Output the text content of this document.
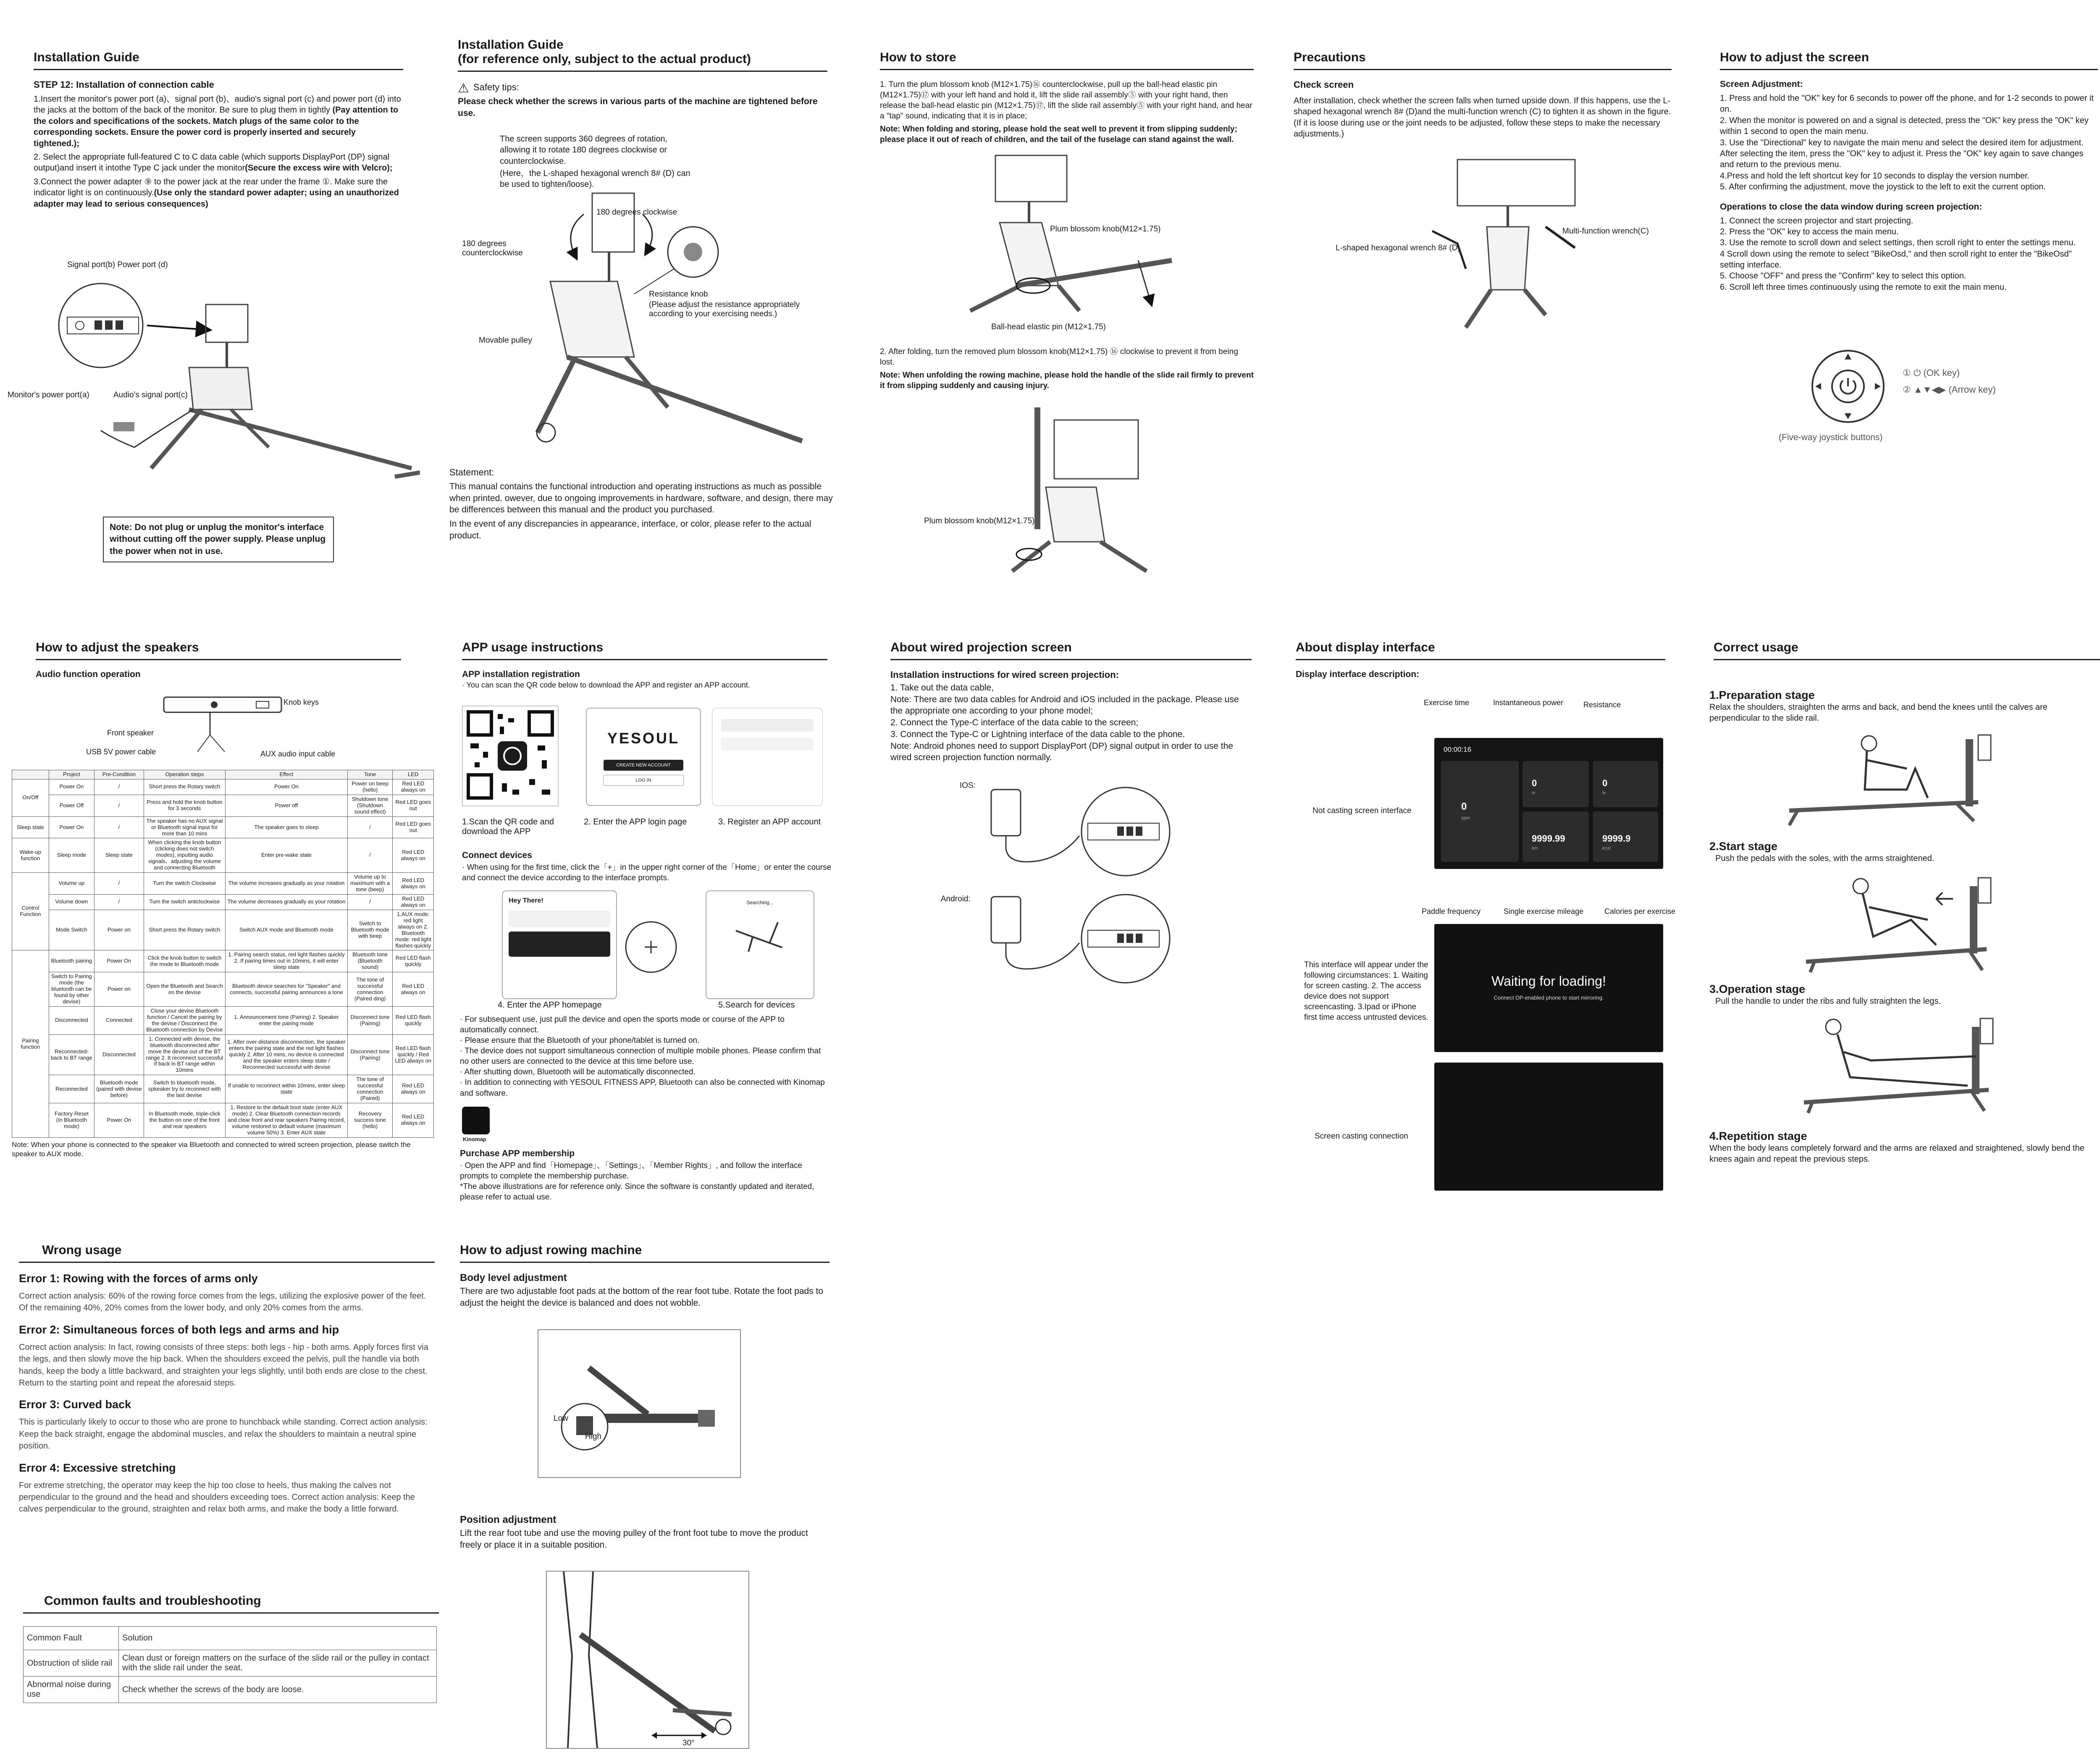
Installation Guide
STEP 12: Installation of connection cable

1.Insert the monitor's power port (a)、signal port (b)、audio's signal port (c) and power port (d) into the jacks at the bottom of the back of the monitor. Be sure to plug them in tightly (Pay attention to the colors and specifications of the sockets. Match plugs of the same color to the corresponding sockets. Ensure the power cord is properly inserted and securely tightened.);

2. Select the appropriate full-featured C to C data cable (which supports DisplayPort (DP) signal output)and insert it intothe Type C jack under the monitor(Secure the excess wire with Velcro);

3.Connect the power adapter ⑨ to the power jack at the rear under the frame ①. Make sure the indicator light is on continuously.(Use only the standard power adapter; using an unauthorized adapter may lead to serious consequences)

Signal port(b) Power port (d)
Monitor's power port(a)	Audio's signal port(c)
Note: Do not plug or unplug the monitor's interface without cutting off the power supply. Please unplug the power when not in use.
Installation Guide
(for reference only, subject to the actual product)
⚠ Safety tips:

Please check whether the screws in various parts of the machine are tightened before use.

The screen supports 360 degrees of rotation, allowing it to rotate 180 degrees clockwise or counterclockwise.

(Here，the L-shaped hexagonal wrench 8# (D) can be used to tighten/loose).

180 degrees clockwise
180 degrees counterclockwise
Resistance knob
(Please adjust the resistance appropriately according to your exercising needs.)
Movable pulley

Statement:

This manual contains the functional introduction and operating instructions as much as possible when printed. owever, due to ongoing improvements in hardware, software, and design, there may be differences between this manual and the product you purchased.

In the event of any discrepancies in appearance, interface, or color, please refer to the actual product.

How to store

1. Turn the plum blossom knob (M12×1.75)⑯ counterclockwise, pull up the ball-head elastic pin (M12×1.75)⑰ with your left hand and hold it, lift the slide rail assembly⑤ with your right hand, then release the ball-head elastic pin (M12×1.75)⑰, lift the slide rail assembly⑤ with your right hand, and hear a "tap" sound, indicating that it is in place;

Note: When folding and storing, please hold the seat well to prevent it from slipping suddenly; please place it out of reach of children, and the tail of the fuselage can stand against the wall.

Plum blossom knob(M12×1.75)
Ball-head elastic pin (M12×1.75)

2. After folding, turn the removed plum blossom knob(M12×1.75) ⑯ clockwise to prevent it from being lost.

Note: When unfolding the rowing machine, please hold the handle of the slide rail firmly to prevent it from slipping suddenly and causing injury.

Plum blossom knob(M12×1.75)
Precautions
Check screen

After installation, check whether the screen falls when turned upside down. If this happens, use the L-shaped hexagonal wrench 8# (D)and the multi-function wrench (C) to tighten it as shown in the figure. (If it is loose during use or the joint needs to be adjusted, follow these steps to make the necessary adjustments.)

L-shaped hexagonal wrench 8# (D)
Multi-function wrench(C)
How to adjust the screen
Screen Adjustment:

1. Press and hold the "OK" key for 6 seconds to power off the phone, and for 1-2 seconds to power it on.

2. When the monitor is powered on and a signal is detected, press the "OK" key press the "OK" key within 1 second to open the main menu.

3. Use the "Directional" key to navigate the main menu and select the desired item for adjustment. After selecting the item, press the "OK" key to adjust it. Press the "OK" key again to save changes and return to the previous menu.

4.Press and hold the left shortcut key for 10 seconds to display the version number.

5. After confirming the adjustment, move the joystick to the left to exit the current option.

Operations to close the data window during screen projection:

1. Connect the screen projector and start projecting.

2. Press the "OK" key to access the main menu.

3. Use the remote to scroll down and select settings, then scroll right to enter the settings menu.

4 Scroll down using the remote to select "BikeOsd," and then scroll right to enter the "BikeOsd" setting interface.

5. Choose "OFF" and press the "Confirm" key to select this option.

6. Scroll left three times continuously using the remote to exit the main menu.

① ⏻ (OK key)
② ▲▼◀▶ (Arrow key)
(Five-way joystick buttons)
How to adjust the speakers
Audio function operation
Knob keys
Front speaker
USB 5V power cable	AUX audio input cable
	Project	Pre-Condition	Operation steps	Effect	Tone	LED
On/Off	Power On	/	Short press the Rotary switch	Power On	Power on beep (hello)	Red LED always on
	Power Off	/	Press and hold the knob button for 3 seconds	Power off	Shutdown tone (Shutdown sound effect)	Red LED goes out
Sleep state	Power On	/	The speaker has no AUX signal or Bluetooth signal input for more than 10 mins	The speaker goes to sleep	/	Red LED goes out
Wake-up function	Sleep mode	Sleep state	When clicking the knob button (clicking does not switch modes), inputting audio signals、adjusting the volume and connecting Bluetooth	Enter pre-wake state	/	Red LED always on
Control Function	Volume up	/	Turn the switch Clockwise	The volume increases gradually as your rotation	Volume up to maximum with a tone (beep)	Red LED always on
	Volume down	/	Turn the switch anticlockwise	The volume decreases gradually as your rotation	/	Red LED always on
	Mode Switch	Power on	Short press the Rotary switch	Switch AUX mode and Bluetooth mode	Switch to Bluetooth mode with beep	1.AUX mode: red light always on 2. Bluetooth mode: red light flashes quickly
Pairing function	Bluetooth pairing	Power On	Click the knob button to switch the mode to Bluetooth mode	1. Pairing search status, red light flashes quickly 2. If pairing times out in 10mins, it will enter sleep state	Bluetooth tone (Bluetooth sound)	Red LED flash quickly
	Switch to Pairing mode (the bluetooth can be found by other devise)	Power on	Open the Bluetooth and Search on the devise	Bluetooth device searches for "Speaker" and connects, successful pairing announces a tone	The tone of successful connection (Paired ding)	Red LED always on
	Disconnected	Connected	Close your devise Bluetooth function / Cancel the pairing by the devise / Disconnect the Bluetooth connection by Devise	1. Announcement tone (Pairing) 2. Speaker enter the pairing mode	Disconnect tone (Pairing)	Red LED flash quickly
	Reconnected-back to BT range	Disconnected	1. Connected with devise, the bluetooth disconnected after move the devise out of the BT range 2. It reconnect successful if back in BT range within 10mins	1. After over-distance disconnection, the speaker enters the pairing state and the red light flashes quickly 2. After 10 mins, no device is connected and the speaker enters sleep state / Reconnected successful with devise	Disconnect tone (Pairing)	Red LED flash quickly / Red LED always on
	Reconnected	Bluetooth mode (paired with devise before)	Switch to bluetooth mode, spkeaker try to reconnect with the last devise	If unable to reconnect within 10mins, enter sleep state	The tone of successful connection (Paired)	Red LED always on
	Factory Reset (In Bluetooth mode)	Power On	In Bluetooth mode, triple-click the button on one of the front and rear speakers	1. Restore to the default boot state (enter AUX mode) 2. Clear Bluetooth connection records and clear front and rear speakers Pairing record, volume restored to default volume (maximum volume 50%) 3. Enter AUX state	Recovery success tone (hello)	Red LED always on

Note: When your phone is connected to the speaker via Bluetooth and connected to wired screen projection, please switch the speaker to AUX mode.

APP usage instructions
APP installation registration

· You can scan the QR code below to download the APP and register an APP account.

YESOUL
CREATE NEW ACCOUNT
LOG IN
1.Scan the QR code and download the APP
2. Enter the APP login page	3. Register an APP account
Connect devices

· When using for the first time, click the「+」in the upper right corner of the「Home」or enter the course and connect the device according to the interface prompts.

Hey There!	Searching...
4. Enter the APP homepage	5.Search for devices

· For subsequent use, just pull the device and open the sports mode or course of the APP to automatically connect.

· Please ensure that the Bluetooth of your phone/tablet is turned on.

· The device does not support simultaneous connection of multiple mobile phones. Please confirm that no other users are connected to the device at this time before use.

· After shutting down, Bluetooth will be automatically disconnected.

· In addition to connecting with YESOUL FITNESS APP, Bluetooth can also be connected with Kinomap and software.

Kinomap
Purchase APP membership

· Open the APP and find「Homepage」、「Settings」、「Member Rights」, and follow the interface prompts to complete the membership purchase.

*The above illustrations are for reference only. Since the software is constantly updated and iterated, please refer to actual use.

About wired projection screen
Installation instructions for wired screen projection:

1. Take out the data cable,

Note: There are two data cables for Android and iOS included in the package. Please use the appropriate one according to your phone model;

2. Connect the Type-C interface of the data cable to the screen;

3. Connect the Type-C or Lightning interface of the data cable to the phone.

Note: Android phones need to support DisplayPort (DP) signal output in order to use the wired screen projection function normally.

IOS:
Android:
About display interface
Display interface description:
Exercise time	Instantaneous power	Resistance
Not casting screen interface
00:00:16
0
spm
0
w
0
lv
9999.99
km
9999.9
kcal
Paddle frequency	Single exercise mileage	Calories per exercise

This interface will appear under the following circumstances: 1. Waiting for screen casting. 2. The access device does not support screencasting. 3.Ipad or iPhone first time access untrusted devices.

Waiting for loading!
Connect DP-enabled phone to start mirroring.
Screen casting connection
Correct usage
1.Preparation stage

Relax the shoulders, straighten the arms and back, and bend the knees until the calves are perpendicular to the slide rail.

2.Start stage

Push the pedals with the soles, with the arms straightened.

3.Operation stage

Pull the handle to under the ribs and fully straighten the legs.

4.Repetition stage

When the body leans completely forward and the arms are relaxed and straightened, slowly bend the knees again and repeat the previous steps.

Wrong usage
Error 1: Rowing with the forces of arms only

Correct action analysis: 60% of the rowing force comes from the legs, utilizing the explosive power of the feet. Of the remaining 40%, 20% comes from the lower body, and only 20% comes from the arms.

Error 2: Simultaneous forces of both legs and arms and hip

Correct action analysis: In fact, rowing consists of three steps: both legs - hip - both arms. Apply forces first via the legs, and then slowly move the hip back. When the shoulders exceed the pelvis, pull the handle via both hands, keep the body a little backward, and straighten your legs slightly, until both ends are close to the chest. Return to the starting point and repeat the aforesaid steps.

Error 3: Curved back

This is particularly likely to occur to those who are prone to hunchback while standing. Correct action analysis: Keep the back straight, engage the abdominal muscles, and relax the shoulders to maintain a neutral spine position.

Error 4: Excessive stretching

For extreme stretching, the operator may keep the hip too close to heels, thus making the calves not perpendicular to the ground and the head and shoulders exceeding toes. Correct action analysis: Keep the calves perpendicular to the ground, straighten and relax both arms, and make the body a little forward.

Common faults and troubleshooting
Common Fault	Solution
Obstruction of slide rail	Clean dust or foreign matters on the surface of the slide rail or the pulley in contact with the slide rail under the seat.
Abnormal noise during use	Check whether the screws of the body are loose.
How to adjust rowing machine
Body level adjustment

There are two adjustable foot pads at the bottom of the rear foot tube. Rotate the foot pads to adjust the height the device is balanced and does not wobble.

Low
High
Position adjustment

Lift the rear foot tube and use the moving pulley of the front foot tube to move the product freely or place it in a suitable position.

30°
